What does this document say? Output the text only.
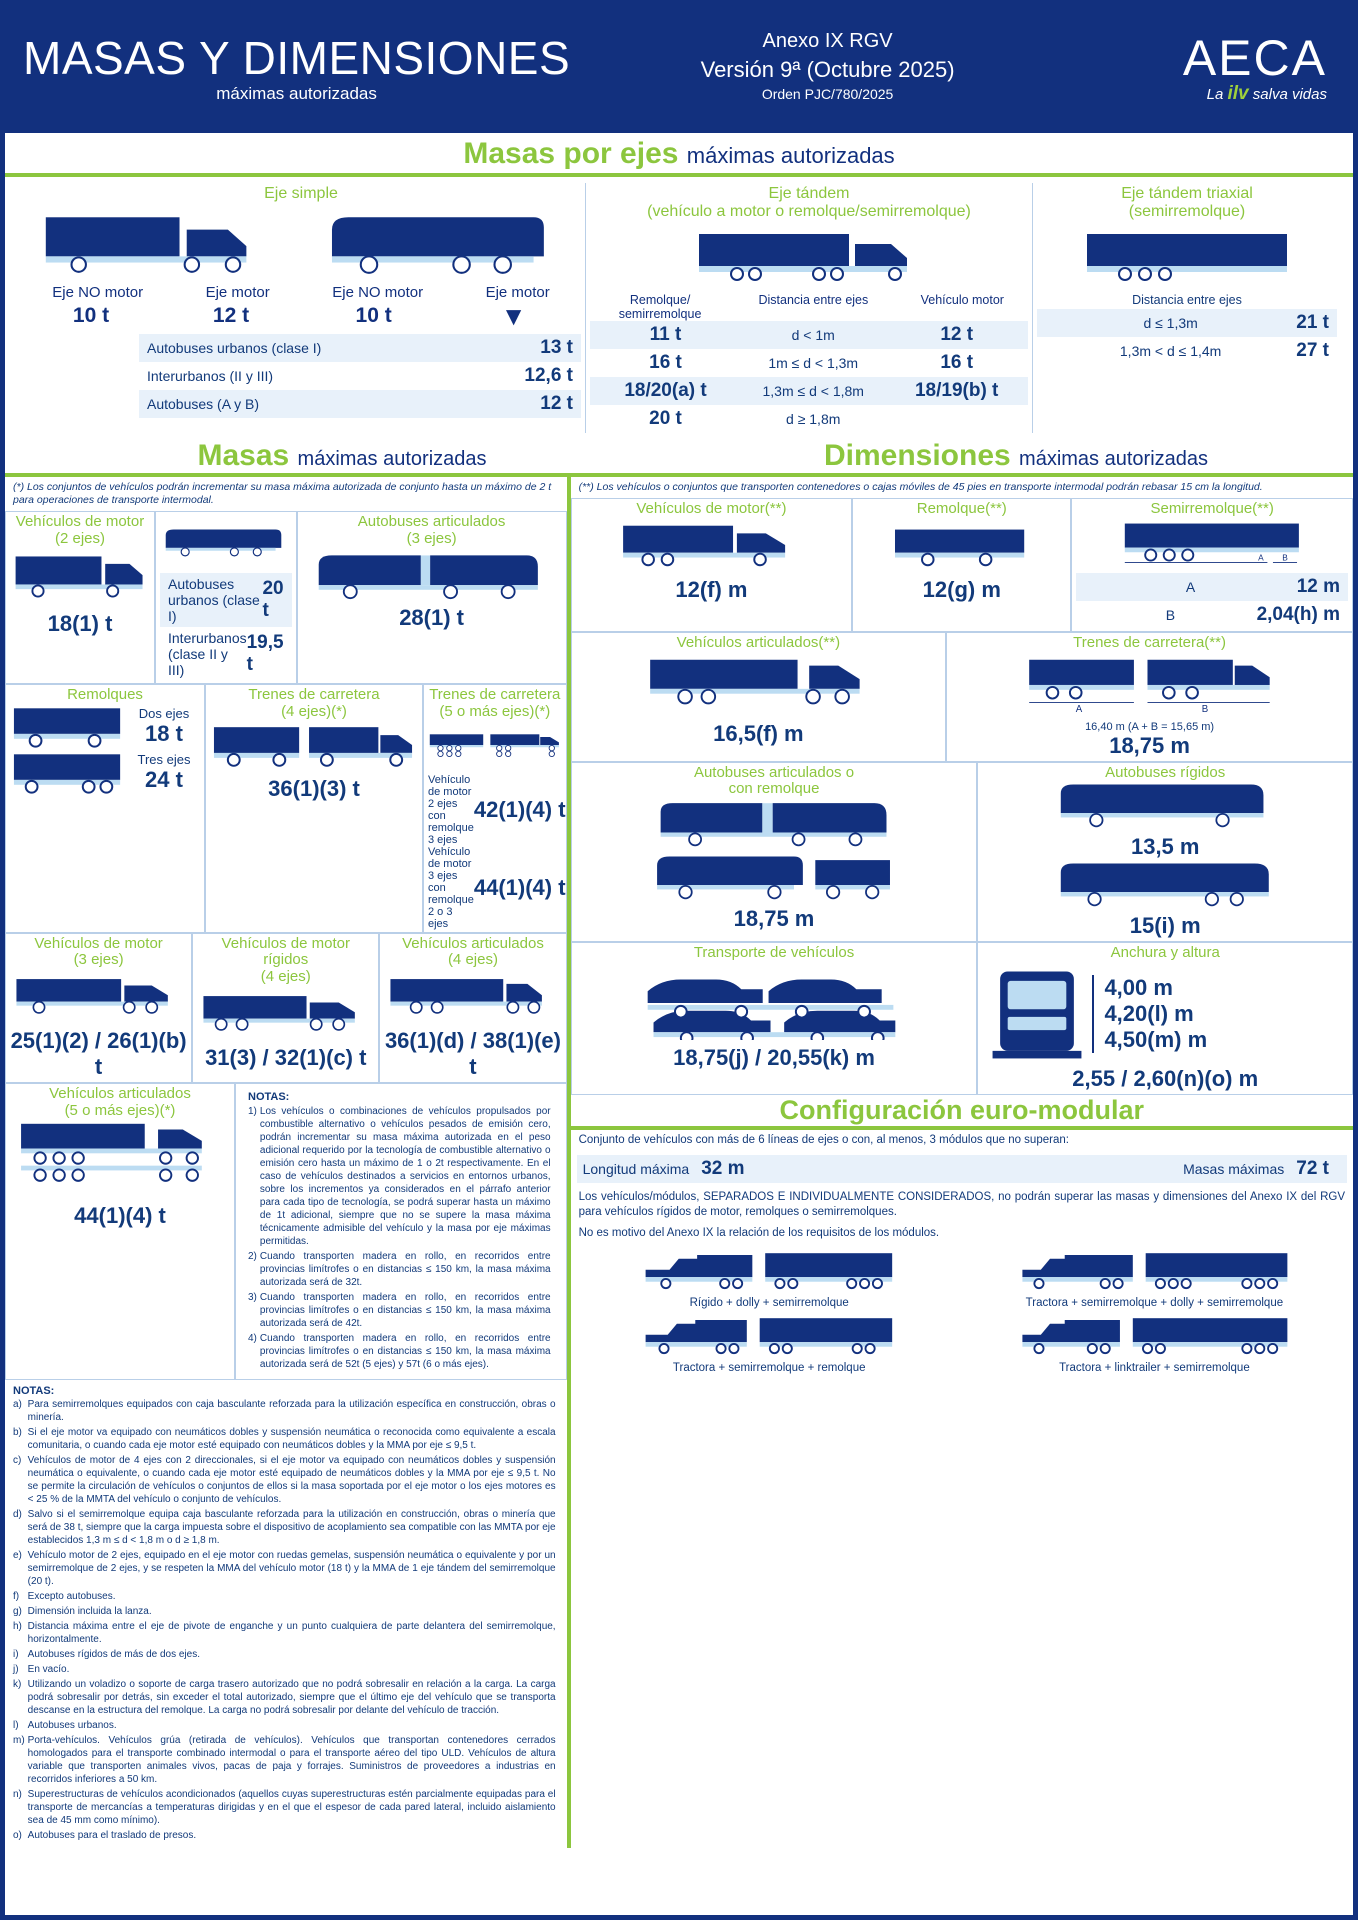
MASAS Y DIMENSIONES
máximas autorizadas
Anexo IX RGV
Versión 9ª (Octubre 2025)
Orden PJC/780/2025
AECA
La ilv salva vidas
Masas por ejes máximas autorizadas
Eje simple
Eje NO motor	Eje motor
10 t	12 t
Eje NO motor	Eje motor
10 t	▼
Autobuses urbanos (clase I)	13 t
Interurbanos (II y III)	12,6 t
Autobuses (A y B)	12 t
Eje tándem
(vehículo a motor o remolque/semirremolque)
Remolque/ semirremolque
Distancia entre ejes	Vehículo motor
11 t	d < 1m	12 t
16 t	1m ≤ d < 1,3m	16 t
18/20(a) t	1,3m ≤ d < 1,8m	18/19(b) t
20 t	d ≥ 1,8m
Eje tándem triaxial
(semirremolque)
Distancia entre ejes
d ≤ 1,3m	21 t
1,3m < d ≤ 1,4m	27 t
Masas máximas autorizadas	Dimensiones máximas autorizadas
(*) Los conjuntos de vehículos podrán incrementar su masa máxima autorizada de conjunto hasta un máximo de 2 t para operaciones de transporte intermodal.
Vehículos de motor (2 ejes)
18(1) t
Autobuses urbanos (clase I)
20 t
Interurbanos (clase II y III)
19,5 t
Autobuses articulados
(3 ejes)
28(1) t
Remolques
Dos ejes
18 t
Tres ejes
24 t
Trenes de carretera
(4 ejes)(*)
36(1)(3) t
Trenes de carretera
(5 o más ejes)(*)
Vehículo de motor 2 ejes con remolque 3 ejes
42(1)(4) t
Vehículo de motor 3 ejes con remolque 2 o 3 ejes
44(1)(4) t
Vehículos de motor
(3 ejes)
25(1)(2) / 26(1)(b) t
Vehículos de motor rígidos
(4 ejes)
31(3) / 32(1)(c) t
Vehículos articulados
(4 ejes)
36(1)(d) / 38(1)(e) t
Vehículos articulados
(5 o más ejes)(*)
44(1)(4) t
NOTAS:
1)	Los vehículos o combinaciones de vehículos propulsados por combustible alternativo o vehículos pesados de emisión cero, podrán incrementar su masa máxima autorizada en el peso adicional requerido por la tecnología de combustible alternativo o emisión cero hasta un máximo de 1 o 2t respectivamente. En el caso de vehículos destinados a servicios en entornos urbanos, sobre los incrementos ya considerados en el párrafo anterior para cada tipo de tecnología, se podrá superar hasta un máximo de 1t adicional, siempre que no se supere la masa máxima técnicamente admisible del vehículo y la masa por eje máximas permitidas.
2)	Cuando transporten madera en rollo, en recorridos entre provincias limítrofes o en distancias ≤ 150 km, la masa máxima autorizada será de 32t.
3)	Cuando transporten madera en rollo, en recorridos entre provincias limítrofes o en distancias ≤ 150 km, la masa máxima autorizada será de 42t.
4)	Cuando transporten madera en rollo, en recorridos entre provincias limítrofes o en distancias ≤ 150 km, la masa máxima autorizada será de 52t (5 ejes) y 57t (6 o más ejes).
NOTAS:
a)	Para semirremolques equipados con caja basculante reforzada para la utilización específica en construcción, obras o minería.
b)	Si el eje motor va equipado con neumáticos dobles y suspensión neumática o reconocida como equivalente a escala comunitaria, o cuando cada eje motor esté equipado con neumáticos dobles y la MMA por eje ≤ 9,5 t.
c)	Vehículos de motor de 4 ejes con 2 direccionales, si el eje motor va equipado con neumáticos dobles y suspensión neumática o equivalente, o cuando cada eje motor esté equipado de neumáticos dobles y la MMA por eje ≤ 9,5 t. No se permite la circulación de vehículos o conjuntos de ellos si la masa soportada por el eje motor o los ejes motores es < 25 % de la MMTA del vehículo o conjunto de vehículos.
d)	Salvo si el semirremolque equipa caja basculante reforzada para la utilización en construcción, obras o minería que será de 38 t, siempre que la carga impuesta sobre el dispositivo de acoplamiento sea compatible con las MMTA por eje establecidos 1,3 m ≤ d < 1,8 m o d ≥ 1,8 m.
e)	Vehículo motor de 2 ejes, equipado en el eje motor con ruedas gemelas, suspensión neumática o equivalente y por un semirremolque de 2 ejes, y se respeten la MMA del vehículo motor (18 t) y la MMA de 1 eje tándem del semirremolque (20 t).
f)	Excepto autobuses.
g)	Dimensión incluida la lanza.
h)	Distancia máxima entre el eje de pivote de enganche y un punto cualquiera de parte delantera del semirremolque, horizontalmente.
i)	Autobuses rígidos de más de dos ejes.
j)	En vacío.
k)	Utilizando un voladizo o soporte de carga trasero autorizado que no podrá sobresalir en relación a la carga. La carga podrá sobresalir por detrás, sin exceder el total autorizado, siempre que el último eje del vehículo que se transporta descanse en la estructura del remolque. La carga no podrá sobresalir por delante del vehículo de tracción.
l)	Autobuses urbanos.
m)	Porta-vehículos. Vehículos grúa (retirada de vehículos). Vehículos que transportan contenedores cerrados homologados para el transporte combinado intermodal o para el transporte aéreo del tipo ULD. Vehículos de altura variable que transporten animales vivos, pacas de paja y forrajes. Suministros de proveedores a industrias en recorridos inferiores a 50 km.
n)	Superestructuras de vehículos acondicionados (aquellos cuyas superestructuras estén parcialmente equipadas para el transporte de mercancías a temperaturas dirigidas y en el que el espesor de cada pared lateral, incluido aislamiento sea de 45 mm como mínimo).
o)	Autobuses para el traslado de presos.
(**) Los vehículos o conjuntos que transporten contenedores o cajas móviles de 45 pies en transporte intermodal podrán rebasar 15 cm la longitud.
Vehículos de motor(**)
12(f) m
Remolque(**)
12(g) m
Semirremolque(**)
A B
A	12 m
B	2,04(h) m
Vehículos articulados(**)
16,5(f) m
Trenes de carretera(**)
A	B
16,40 m (A + B = 15,65 m)
18,75 m
Autobuses articulados o
con remolque

18,75 m
Autobuses rígidos
13,5 m
15(i) m
Transporte de vehículos
18,75(j) / 20,55(k) m
Anchura y altura
4,00 m
4,20(l) m
4,50(m) m
2,55 / 2,60(n)(o) m
Configuración euro-modular
Conjunto de vehículos con más de 6 líneas de ejes o con, al menos, 3 módulos que no superan:
Longitud máxima 32 m	Masas máximas 72 t
Los vehículos/módulos, SEPARADOS E INDIVIDUALMENTE CONSIDERADOS, no podrán superar las masas y dimensiones del Anexo IX del RGV para vehículos rígidos de motor, remolques o semirremolques.
No es motivo del Anexo IX la relación de los requisitos de los módulos.
Rígido + dolly + semirremolque	Tractora + semirremolque + dolly + semirremolque
Tractora + semirremolque + remolque	Tractora + linktrailer + semirremolque
